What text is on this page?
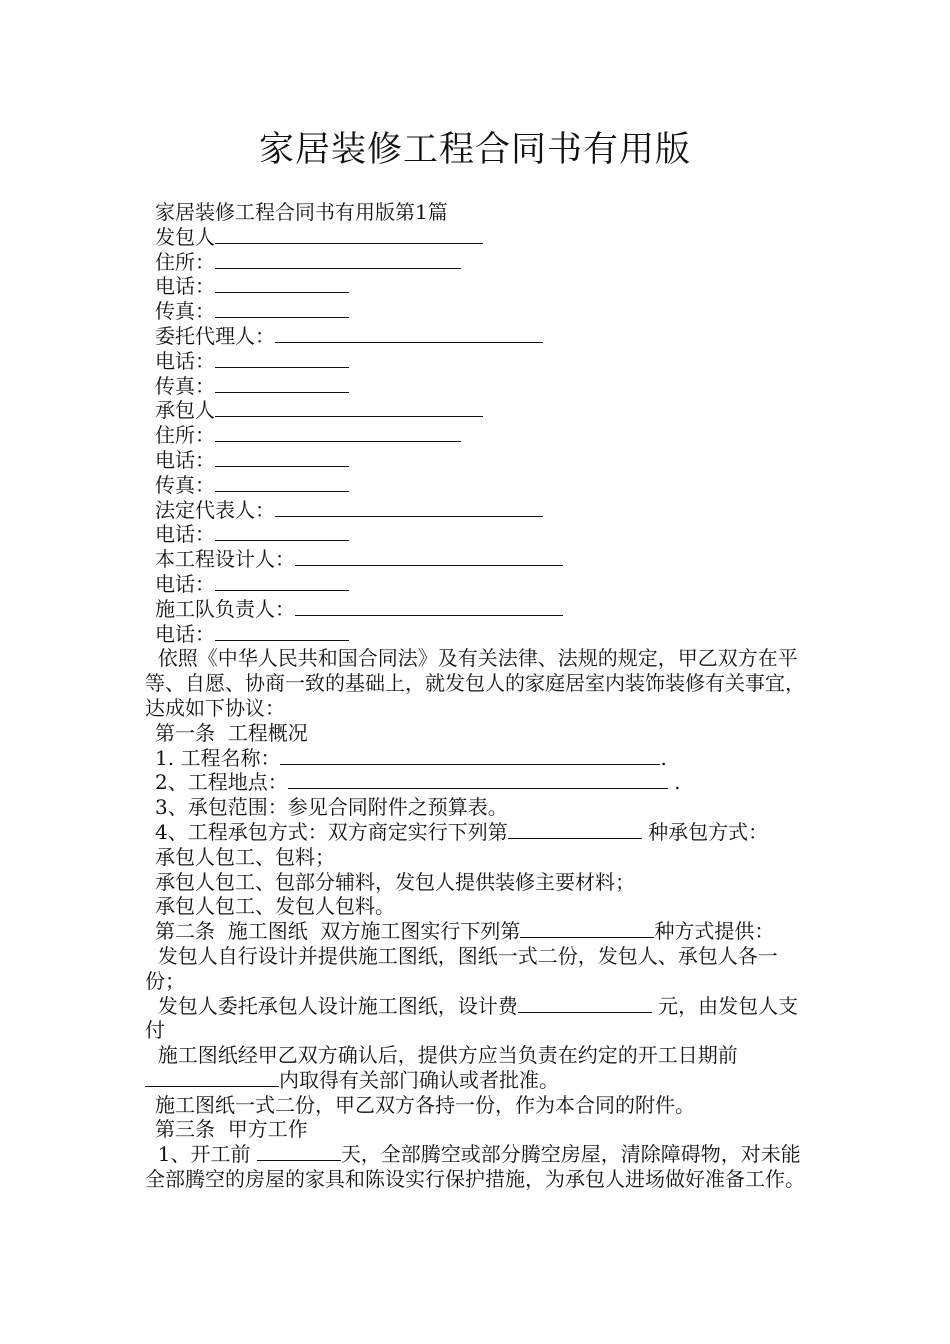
家居装修工程合同书有用版
家居装修工程合同书有用版第1篇
发包人
住所：
电话：
传真：
委托代理人：
电话：
传真：
承包人
住所：
电话：
传真：
法定代表人：
电话：
本工程设计人：
电话：
施工队负责人：
电话：
依照《中华人民共和国合同法》及有关法律、法规的规定，甲乙双方在平等、自愿、协商一致的基础上，就发包人的家庭居室内装饰装修有关事宜，达成如下协议：
第一条  工程概况
1. 工程名称：	.
2、工程地点：	.
3、承包范围：参见合同附件之预算表。
4、工程承包方式：双方商定实行下列第	种承包方式：
承包人包工、包料；
承包人包工、包部分辅料，发包人提供装修主要材料；
承包人包工、发包人包料。
第二条  施工图纸  双方施工图实行下列第	种方式提供：
发包人自行设计并提供施工图纸，图纸一式二份，发包人、承包人各一份；
发包人委托承包人设计施工图纸，设计费	元，由发包人支付
施工图纸经甲乙双方确认后，提供方应当负责在约定的开工日期前内取得有关部门确认或者批准。
施工图纸一式二份，甲乙双方各持一份，作为本合同的附件。
第三条  甲方工作
1、开工前	天，全部腾空或部分腾空房屋，清除障碍物，对未能全部腾空的房屋的家具和陈设实行保护措施，为承包人进场做好准备工作。
